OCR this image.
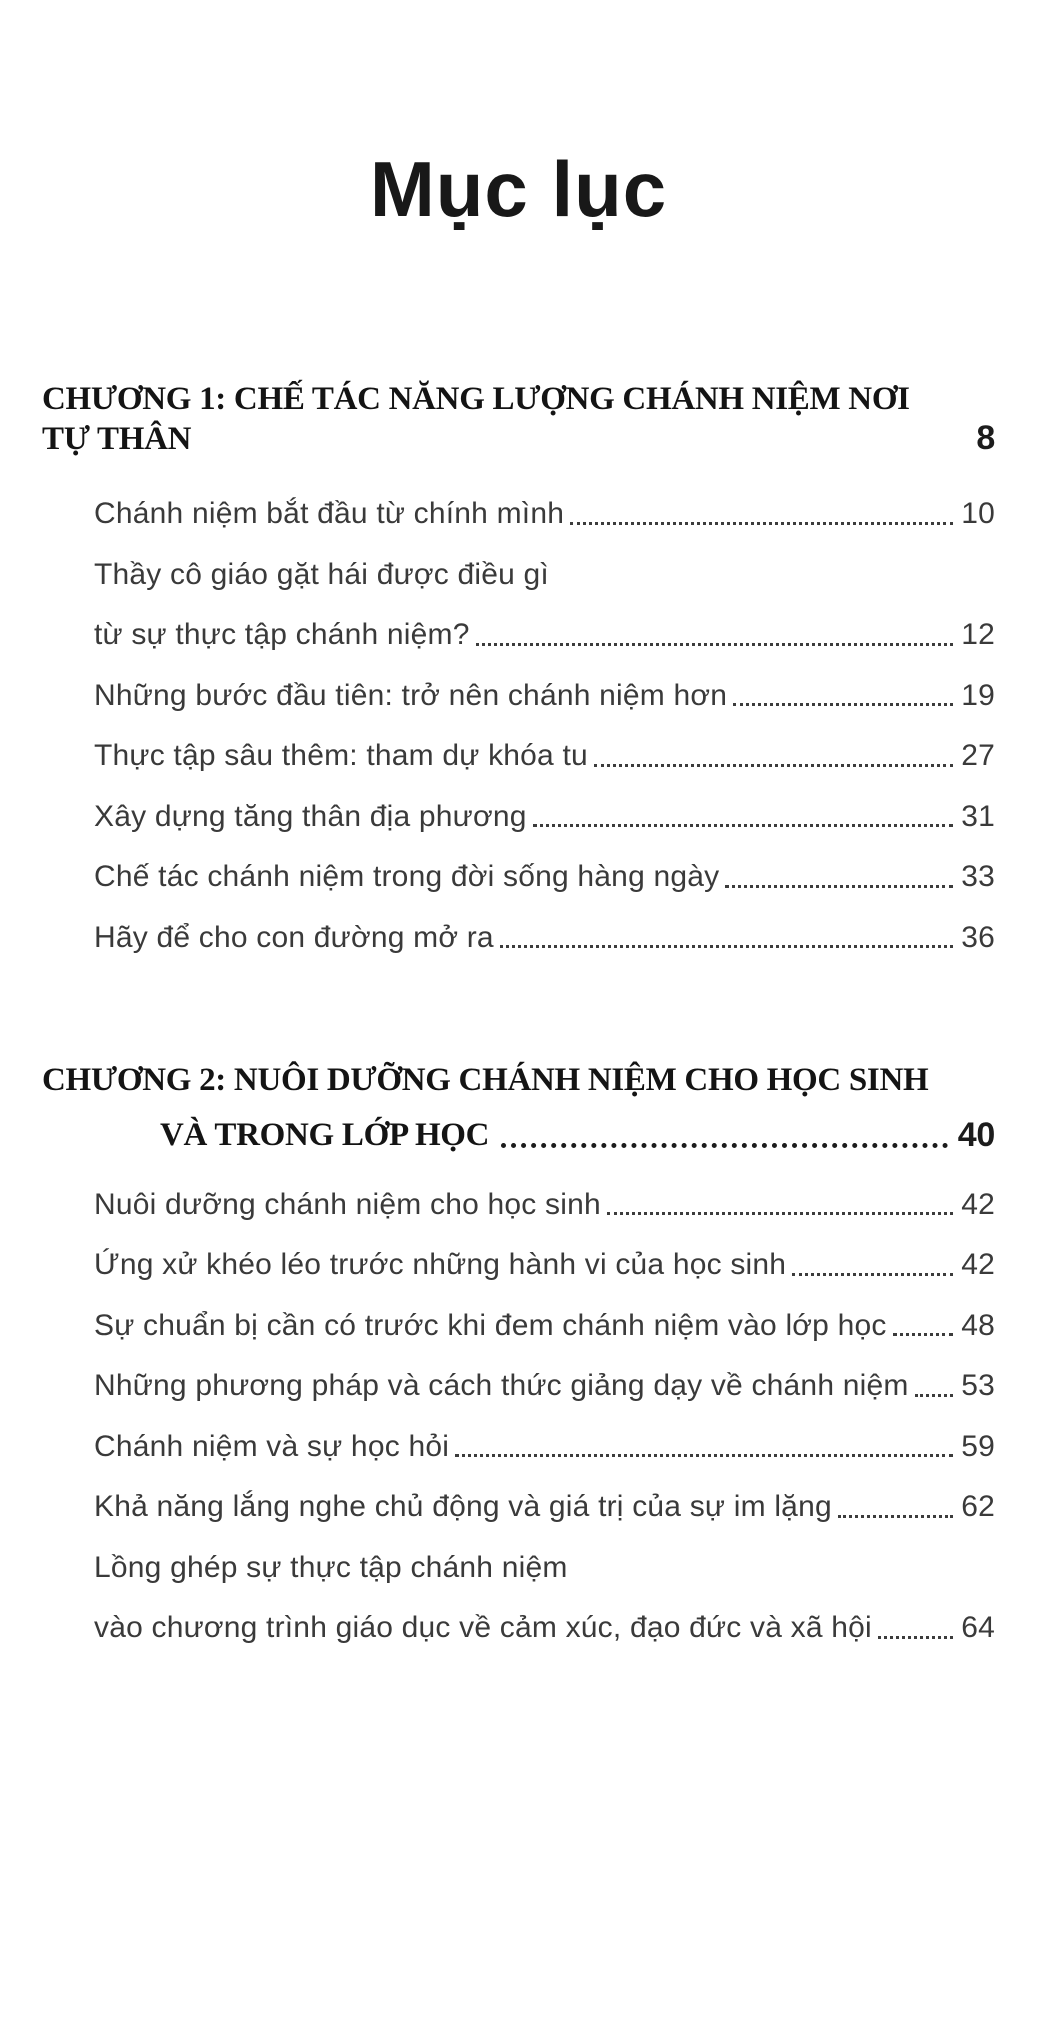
Mục lục
CHƯƠNG 1: CHẾ TÁC NĂNG LƯỢNG CHÁNH NIỆM NƠI TỰ THÂN	8
Chánh niệm bắt đầu từ chính mình	10
Thầy cô giáo gặt hái được điều gì
từ sự thực tập chánh niệm?	12
Những bước đầu tiên: trở nên chánh niệm hơn	19
Thực tập sâu thêm: tham dự khóa tu	27
Xây dựng tăng thân địa phương	31
Chế tác chánh niệm trong đời sống hàng ngày	33
Hãy để cho con đường mở ra	36
CHƯƠNG 2: NUÔI DƯỠNG CHÁNH NIỆM CHO HỌC SINH
VÀ TRONG LỚP HỌC	40
Nuôi dưỡng chánh niệm cho học sinh	42
Ứng xử khéo léo trước những hành vi của học sinh	42
Sự chuẩn bị cần có trước khi đem chánh niệm vào lớp học 48
Những phương pháp và cách thức giảng dạy về chánh niệm 53
Chánh niệm và sự học hỏi	59
Khả năng lắng nghe chủ động và giá trị của sự im lặng	62
Lồng ghép sự thực tập chánh niệm
vào chương trình giáo dục về cảm xúc, đạo đức và xã hội	64
